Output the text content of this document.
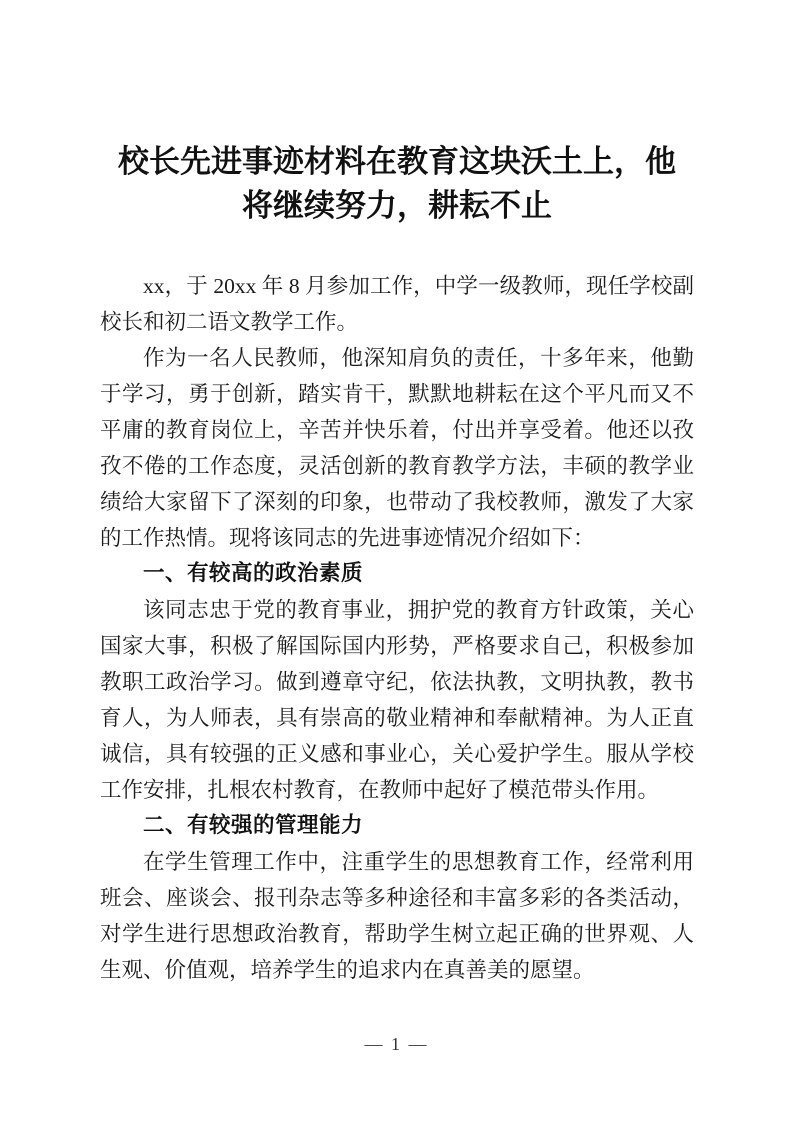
校长先进事迹材料在教育这块沃土上，他
将继续努力，耕耘不止

xx，于 20xx 年 8 月参加工作，中学一级教师，现任学校副校长和初二语文教学工作。

作为一名人民教师，他深知肩负的责任，十多年来，他勤于学习，勇于创新，踏实肯干，默默地耕耘在这个平凡而又不平庸的教育岗位上，辛苦并快乐着，付出并享受着。他还以孜孜不倦的工作态度，灵活创新的教育教学方法，丰硕的教学业绩给大家留下了深刻的印象，也带动了我校教师，激发了大家的工作热情。现将该同志的先进事迹情况介绍如下：

一、有较高的政治素质

该同志忠于党的教育事业，拥护党的教育方针政策，关心国家大事，积极了解国际国内形势，严格要求自己，积极参加教职工政治学习。做到遵章守纪，依法执教，文明执教，教书育人，为人师表，具有崇高的敬业精神和奉献精神。为人正直诚信，具有较强的正义感和事业心，关心爱护学生。服从学校工作安排，扎根农村教育，在教师中起好了模范带头作用。

二、有较强的管理能力

在学生管理工作中，注重学生的思想教育工作，经常利用班会、座谈会、报刊杂志等多种途径和丰富多彩的各类活动，对学生进行思想政治教育，帮助学生树立起正确的世界观、人生观、价值观，培养学生的追求内在真善美的愿望。

— 1 —
